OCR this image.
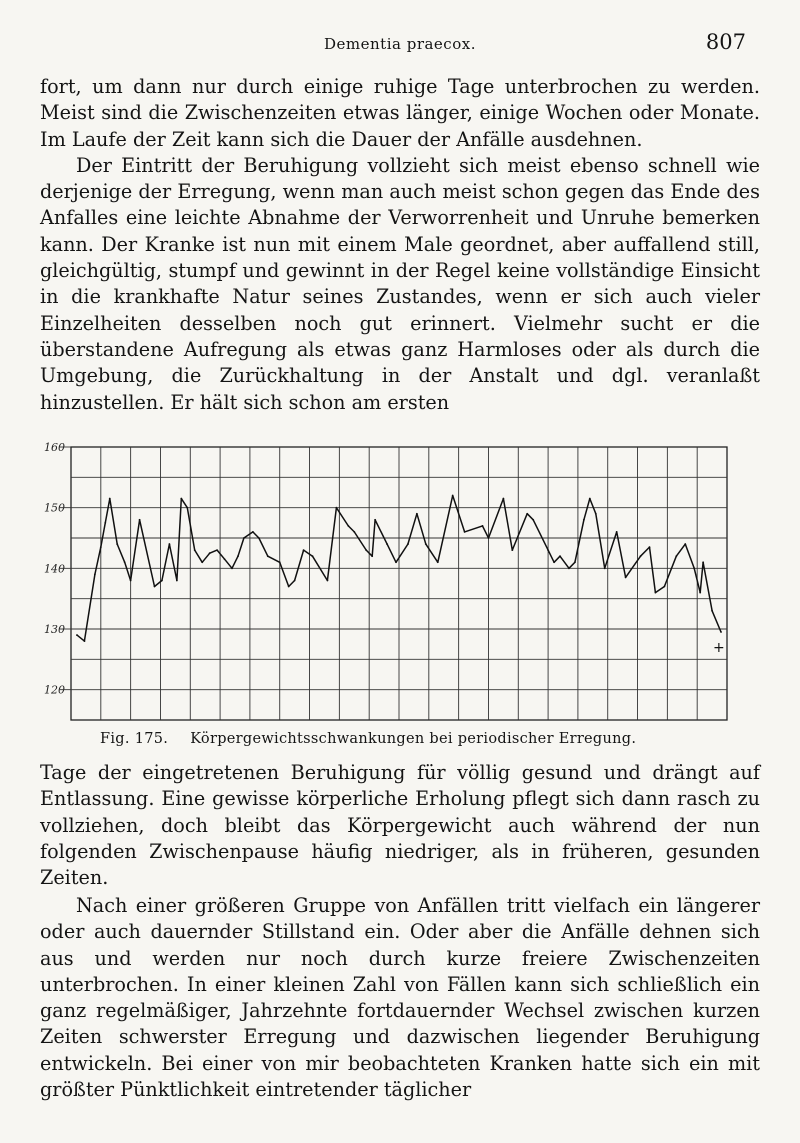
Dementia praecox.	807

fort, um dann nur durch einige ruhige Tage unterbrochen zu werden. Meist sind die Zwischenzeiten etwas länger, einige Wochen oder Monate. Im Laufe der Zeit kann sich die Dauer der Anfälle ausdehnen.

Der Eintritt der Beruhigung vollzieht sich meist ebenso schnell wie derjenige der Erregung, wenn man auch meist schon gegen das Ende des Anfalles eine leichte Abnahme der Verworrenheit und Unruhe bemerken kann. Der Kranke ist nun mit einem Male geordnet, aber auffallend still, gleichgültig, stumpf und gewinnt in der Regel keine vollständige Einsicht in die krankhafte Natur seines Zustandes, wenn er sich auch vieler Einzelheiten desselben noch gut erinnert. Vielmehr sucht er die überstandene Aufregung als etwas ganz Harmloses oder als durch die Umgebung, die Zurückhaltung in der Anstalt und dgl. veranlaßt hinzustellen. Er hält sich schon am ersten

160
150
140
130
120
+
Fig. 175. Körpergewichtsschwankungen bei periodischer Erregung.

Tage der eingetretenen Beruhigung für völlig gesund und drängt auf Entlassung. Eine gewisse körperliche Erholung pflegt sich dann rasch zu vollziehen, doch bleibt das Körpergewicht auch während der nun folgenden Zwischenpause häufig niedriger, als in früheren, gesunden Zeiten.

Nach einer größeren Gruppe von Anfällen tritt vielfach ein längerer oder auch dauernder Stillstand ein. Oder aber die Anfälle dehnen sich aus und werden nur noch durch kurze freiere Zwischenzeiten unterbrochen. In einer kleinen Zahl von Fällen kann sich schließlich ein ganz regelmäßiger, Jahrzehnte fortdauernder Wechsel zwischen kurzen Zeiten schwerster Erregung und dazwischen liegender Beruhigung entwickeln. Bei einer von mir beobachteten Kranken hatte sich ein mit größter Pünktlichkeit eintretender täglicher
